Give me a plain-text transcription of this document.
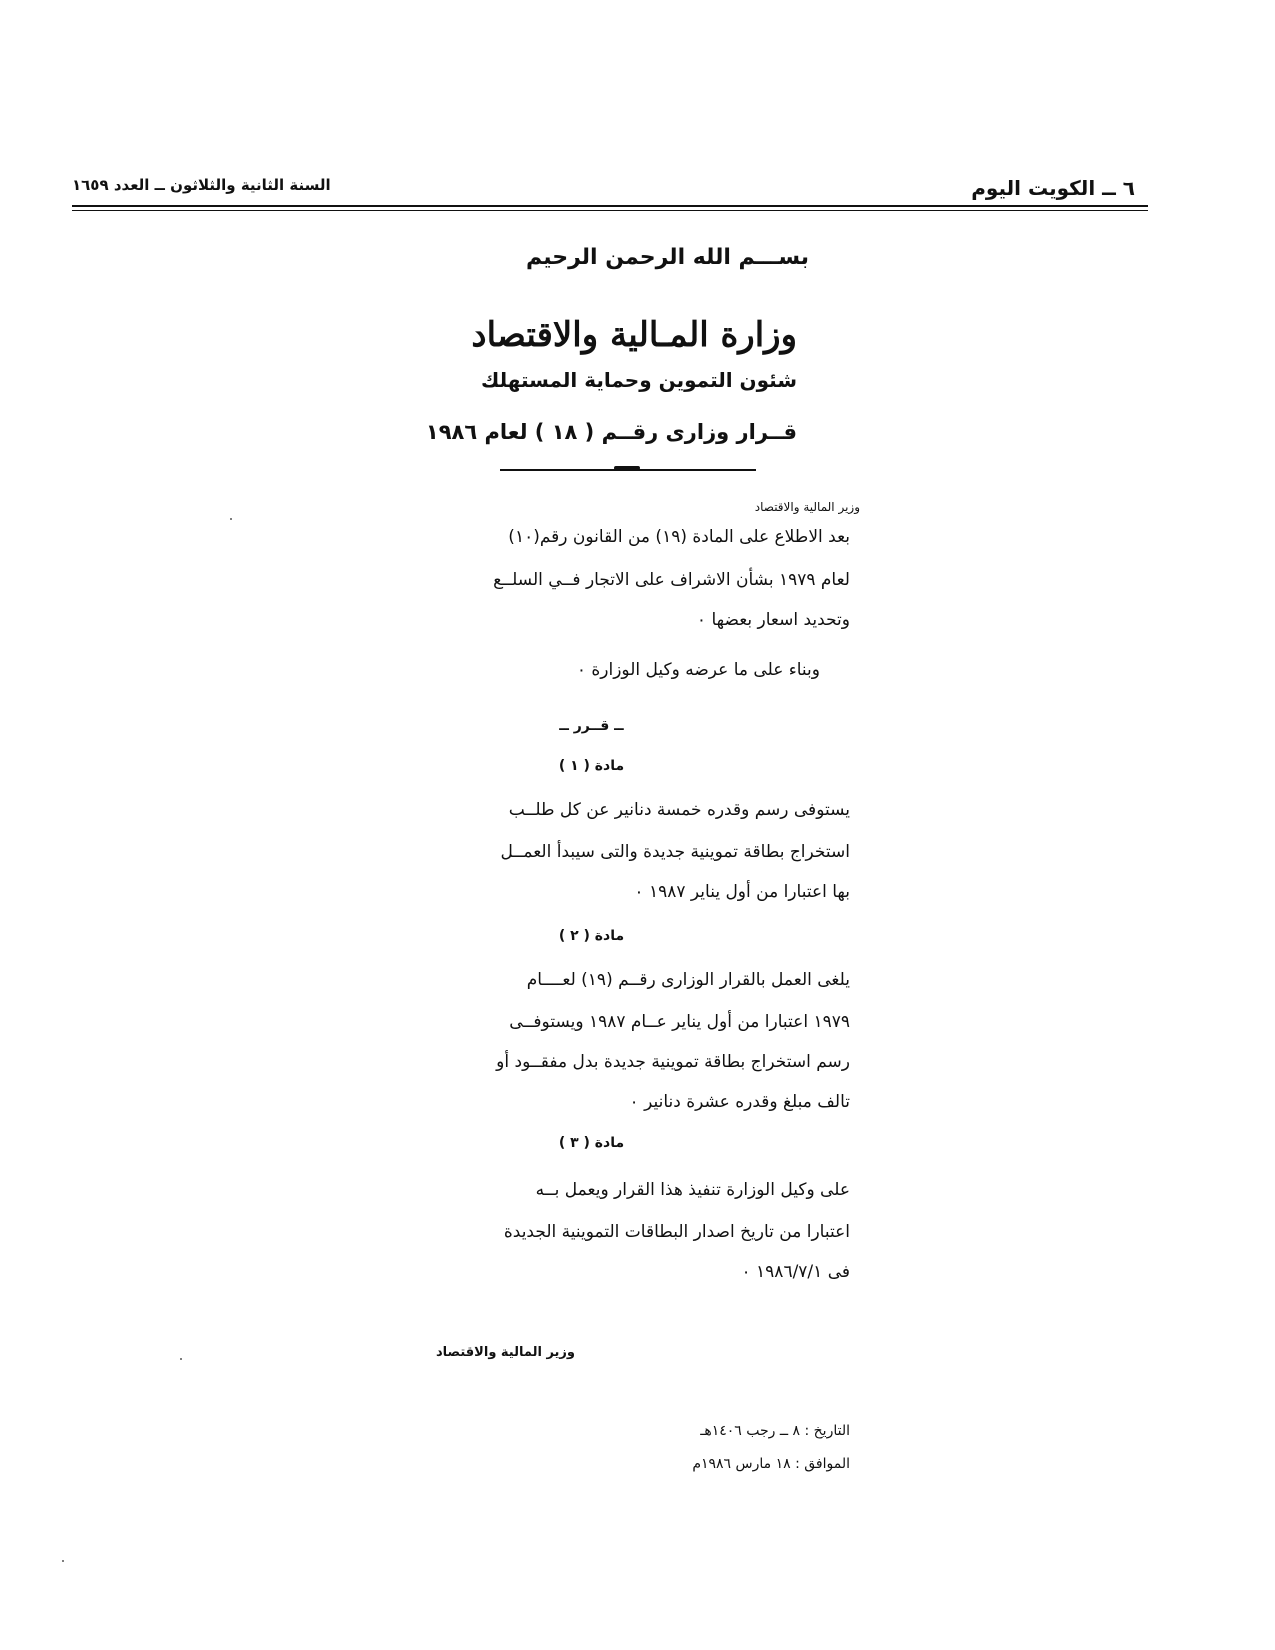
٦ ــ الكويت اليوم
السنة الثانية والثلاثون ــ العدد ١٦٥٩
بســـم الله الرحمن الرحيم
وزارة المـالية والاقتصاد
شئون التموين وحماية المستهلك
قــرار وزارى رقــم ( ١٨ ) لعام ١٩٨٦
وزير المالية والاقتصاد
بعد الاطلاع على المادة (١٩) من القانون رقم(١٠)
لعام ١٩٧٩ بشأن الاشراف على الاتجار فــي السلــع
وتحديد اسعار بعضها ٠
وبناء على ما عرضه وكيل الوزارة ٠
ــ قــرر ــ
مادة ( ١ )
يستوفى رسم وقدره خمسة دنانير عن كل طلــب
استخراج بطاقة تموينية جديدة والتى سيبدأ العمــل
بها اعتبارا من أول يناير ١٩٨٧ ٠
مادة ( ٢ )
يلغى العمل بالقرار الوزارى رقــم (١٩) لعــــام
١٩٧٩ اعتبارا من أول يناير عــام ١٩٨٧ ويستوفــى
رسم استخراج بطاقة تموينية جديدة بدل مفقــود أو
تالف مبلغ وقدره عشرة دنانير ٠
مادة ( ٣ )
على وكيل الوزارة تنفيذ هذا القرار ويعمل بــه
اعتبارا من تاريخ اصدار البطاقات التموينية الجديدة
فى ١٩٨٦/٧/١ ٠
وزير المالية والاقتصاد
التاريخ : ٨ ــ رجب ١٤٠٦هـ
الموافق : ١٨ مارس ١٩٨٦م
